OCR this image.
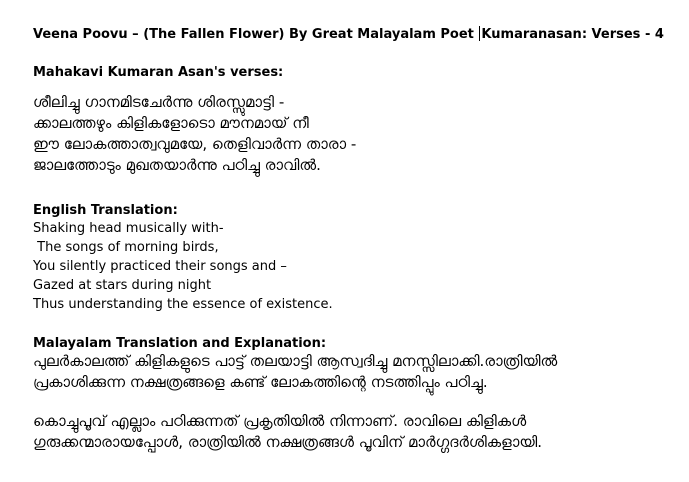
Veena Poovu – (The Fallen Flower) By Great Malayalam Poet Kumaranasan: Verses - 4
Mahakavi Kumaran Asan's verses:
ശീലിച്ചു ഗാനമിടചേർന്നു ശിരസ്സുമാട്ടി -
ക്കാലത്തഴും കിളികളോടൊ മൗനമായ് നീ
ഈ ലോകത്താത്വവുമയേ, തെളിവാർന്ന താരാ -
ജാലത്തോടും മുഖതയാർന്നു പഠിച്ചു രാവിൽ.
English Translation:
Shaking head musically with-
The songs of morning birds,
You silently practiced their songs and –
Gazed at stars during night
Thus understanding the essence of existence.
Malayalam Translation and Explanation:
പുലർകാലത്ത് കിളികളുടെ പാട്ട് തലയാട്ടി ആസ്വദിച്ചു മനസ്സിലാക്കി.രാത്രിയിൽ
പ്രകാശിക്കുന്ന നക്ഷത്രങ്ങളെ കണ്ട് ലോകത്തിന്റെ നടത്തിപ്പും പഠിച്ചു.
കൊച്ചുപൂവ് എല്ലാം പഠിക്കുന്നത് പ്രകൃതിയിൽ നിന്നാണ്. രാവിലെ കിളികൾ
ഗുരുക്കന്മാരായപ്പോൾ, രാത്രിയിൽ നക്ഷത്രങ്ങൾ പൂവിന് മാർഗ്ഗദർശികളായി.
